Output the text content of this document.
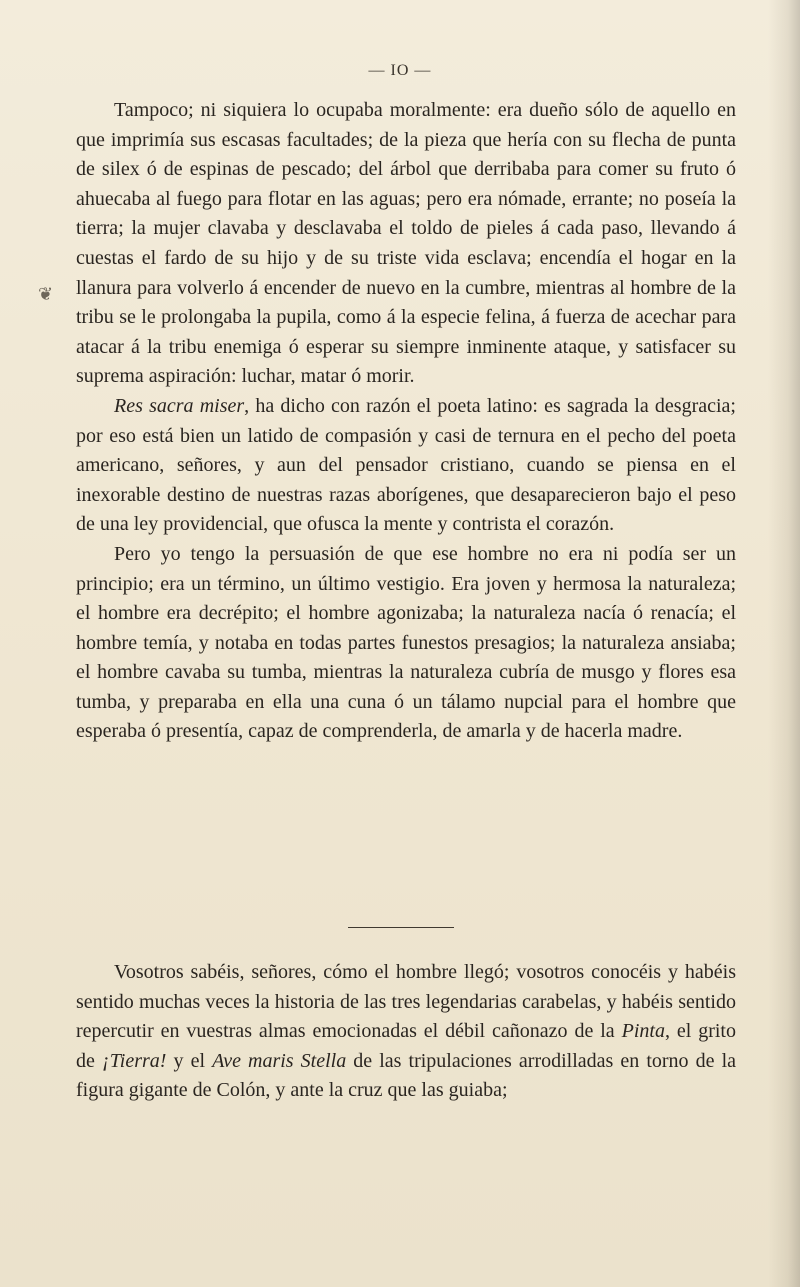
— IO —
❦

Tampoco; ni siquiera lo ocupaba moralmente: era dueño sólo de aquello en que imprimía sus escasas facultades; de la pieza que hería con su flecha de punta de silex ó de espinas de pescado; del árbol que derribaba para comer su fruto ó ahuecaba al fuego para flotar en las aguas; pero era nómade, errante; no poseía la tierra; la mujer clavaba y desclavaba el toldo de pieles á cada paso, llevando á cuestas el fardo de su hijo y de su triste vida esclava; encendía el hogar en la llanura para volverlo á encender de nuevo en la cumbre, mientras al hombre de la tribu se le prolongaba la pupila, como á la especie felina, á fuerza de acechar para atacar á la tribu enemiga ó esperar su siempre inminente ataque, y satisfacer su suprema aspiración: luchar, matar ó morir.

Res sacra miser, ha dicho con razón el poeta latino: es sagrada la desgracia; por eso está bien un latido de compasión y casi de ternura en el pecho del poeta americano, señores, y aun del pensador cristiano, cuando se piensa en el inexorable destino de nuestras razas aborígenes, que desaparecieron bajo el peso de una ley providencial, que ofusca la mente y contrista el corazón.

Pero yo tengo la persuasión de que ese hombre no era ni podía ser un principio; era un término, un último vestigio. Era joven y hermosa la naturaleza; el hombre era decrépito; el hombre agonizaba; la naturaleza nacía ó renacía; el hombre temía, y notaba en todas partes funestos presagios; la naturaleza ansiaba; el hombre cavaba su tumba, mientras la naturaleza cubría de musgo y flores esa tumba, y preparaba en ella una cuna ó un tálamo nupcial para el hombre que esperaba ó presentía, capaz de comprenderla, de amarla y de hacerla madre.

Vosotros sabéis, señores, cómo el hombre llegó; vosotros conocéis y habéis sentido muchas veces la historia de las tres legendarias carabelas, y habéis sentido repercutir en vuestras almas emocionadas el débil cañonazo de la Pinta, el grito de ¡Tierra! y el Ave maris Stella de las tripulaciones arrodilladas en torno de la figura gigante de Colón, y ante la cruz que las guiaba;
